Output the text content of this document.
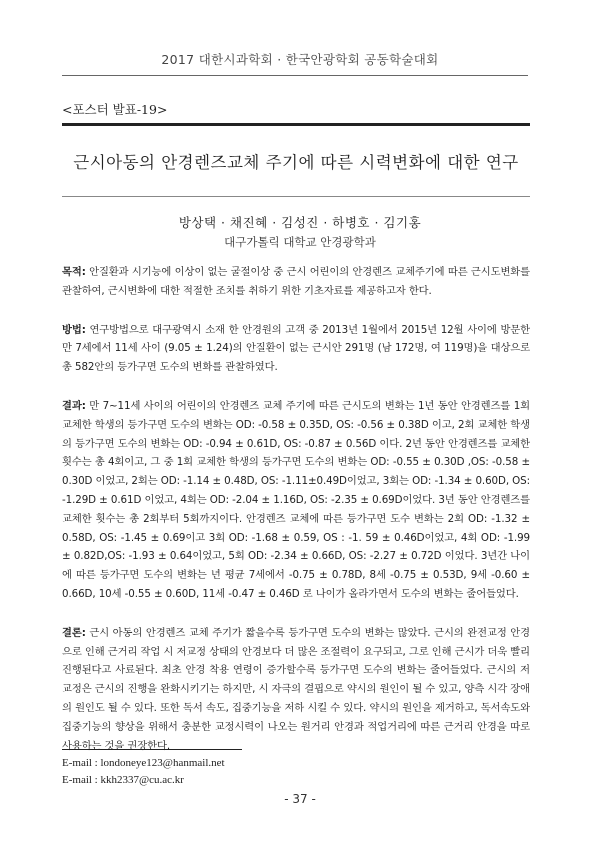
2017 대한시과학회 · 한국안광학회 공동학술대회
<포스터 발표-19>
근시아동의 안경렌즈교체 주기에 따른 시력변화에 대한 연구
방상택 · 채진혜 · 김성진 · 하병호 · 김기홍
대구가톨릭 대학교 안경광학과

목적: 안질환과 시기능에 이상이 없는 굴절이상 중 근시 어린이의 안경렌즈 교체주기에 따른 근시도변화를 관찰하여, 근시변화에 대한 적절한 조치를 취하기 위한 기초자료를 제공하고자 한다.

방법: 연구방법으로 대구광역시 소재 한 안경원의 고객 중 2013년 1월에서 2015년 12월 사이에 방문한 만 7세에서 11세 사이 (9.05 ± 1.24)의 안질환이 없는 근시안 291명 (남 172명, 여 119명)을 대상으로 총 582안의 등가구면 도수의 변화를 관찰하였다.

결과: 만 7~11세 사이의 어린이의 안경렌즈 교체 주기에 따른 근시도의 변화는 1년 동안 안경렌즈를 1회 교체한 학생의 등가구면 도수의 변화는 OD: -0.58 ± 0.35D, OS: -0.56 ± 0.38D 이고, 2회 교체한 학생의 등가구면 도수의 변화는 OD: -0.94 ± 0.61D, OS: -0.87 ± 0.56D 이다. 2년 동안 안경렌즈를 교체한 횟수는 총 4회이고, 그 중 1회 교체한 학생의 등가구면 도수의 변화는 OD: -0.55 ± 0.30D ,OS: -0.58 ± 0.30D 이었고, 2회는 OD: -1.14 ± 0.48D, OS: -1.11±0.49D이었고, 3회는 OD: -1.34 ± 0.60D, OS: -1.29D ± 0.61D 이었고, 4회는 OD: -2.04 ± 1.16D, OS: -2.35 ± 0.69D이었다. 3년 동안 안경렌즈를 교체한 횟수는 총 2회부터 5회까지이다. 안경렌즈 교체에 따른 등가구면 도수 변화는 2회 OD: -1.32 ± 0.58D, OS: -1.45 ± 0.69이고 3회 OD: -1.68 ± 0.59, OS : -1. 59 ± 0.46D이었고, 4회 OD: -1.99 ± 0.82D,OS: -1.93 ± 0.64이었고, 5회 OD: -2.34 ± 0.66D, OS: -2.27 ± 0.72D 이었다. 3년간 나이에 따른 등가구면 도수의 변화는 년 평균 7세에서 -0.75 ± 0.78D, 8세 -0.75 ± 0.53D, 9세 -0.60 ± 0.66D, 10세 -0.55 ± 0.60D, 11세 -0.47 ± 0.46D 로 나이가 올라가면서 도수의 변화는 줄어들었다.

결론: 근시 아동의 안경렌즈 교체 주기가 짧을수록 등가구면 도수의 변화는 많았다. 근시의 완전교정 안경으로 인해 근거리 작업 시 저교정 상태의 안경보다 더 많은 조절력이 요구되고, 그로 인해 근시가 더욱 빨리 진행된다고 사료된다. 최초 안경 착용 연령이 증가할수록 등가구면 도수의 변화는 줄어들었다. 근시의 저 교정은 근시의 진행을 완화시키기는 하지만, 시 자극의 결핍으로 약시의 원인이 될 수 있고, 양측 시각 장애의 원인도 될 수 있다. 또한 독서 속도, 집중기능을 저하 시킬 수 있다. 약시의 원인을 제거하고, 독서속도와 집중기능의 향상을 위해서 충분한 교정시력이 나오는 원거리 안경과 적업거리에 따른 근거리 안경을 따로 사용하는 것을 권장한다.

E-mail : londoneye123@hanmail.net
E-mail : kkh2337@cu.ac.kr
- 37 -
